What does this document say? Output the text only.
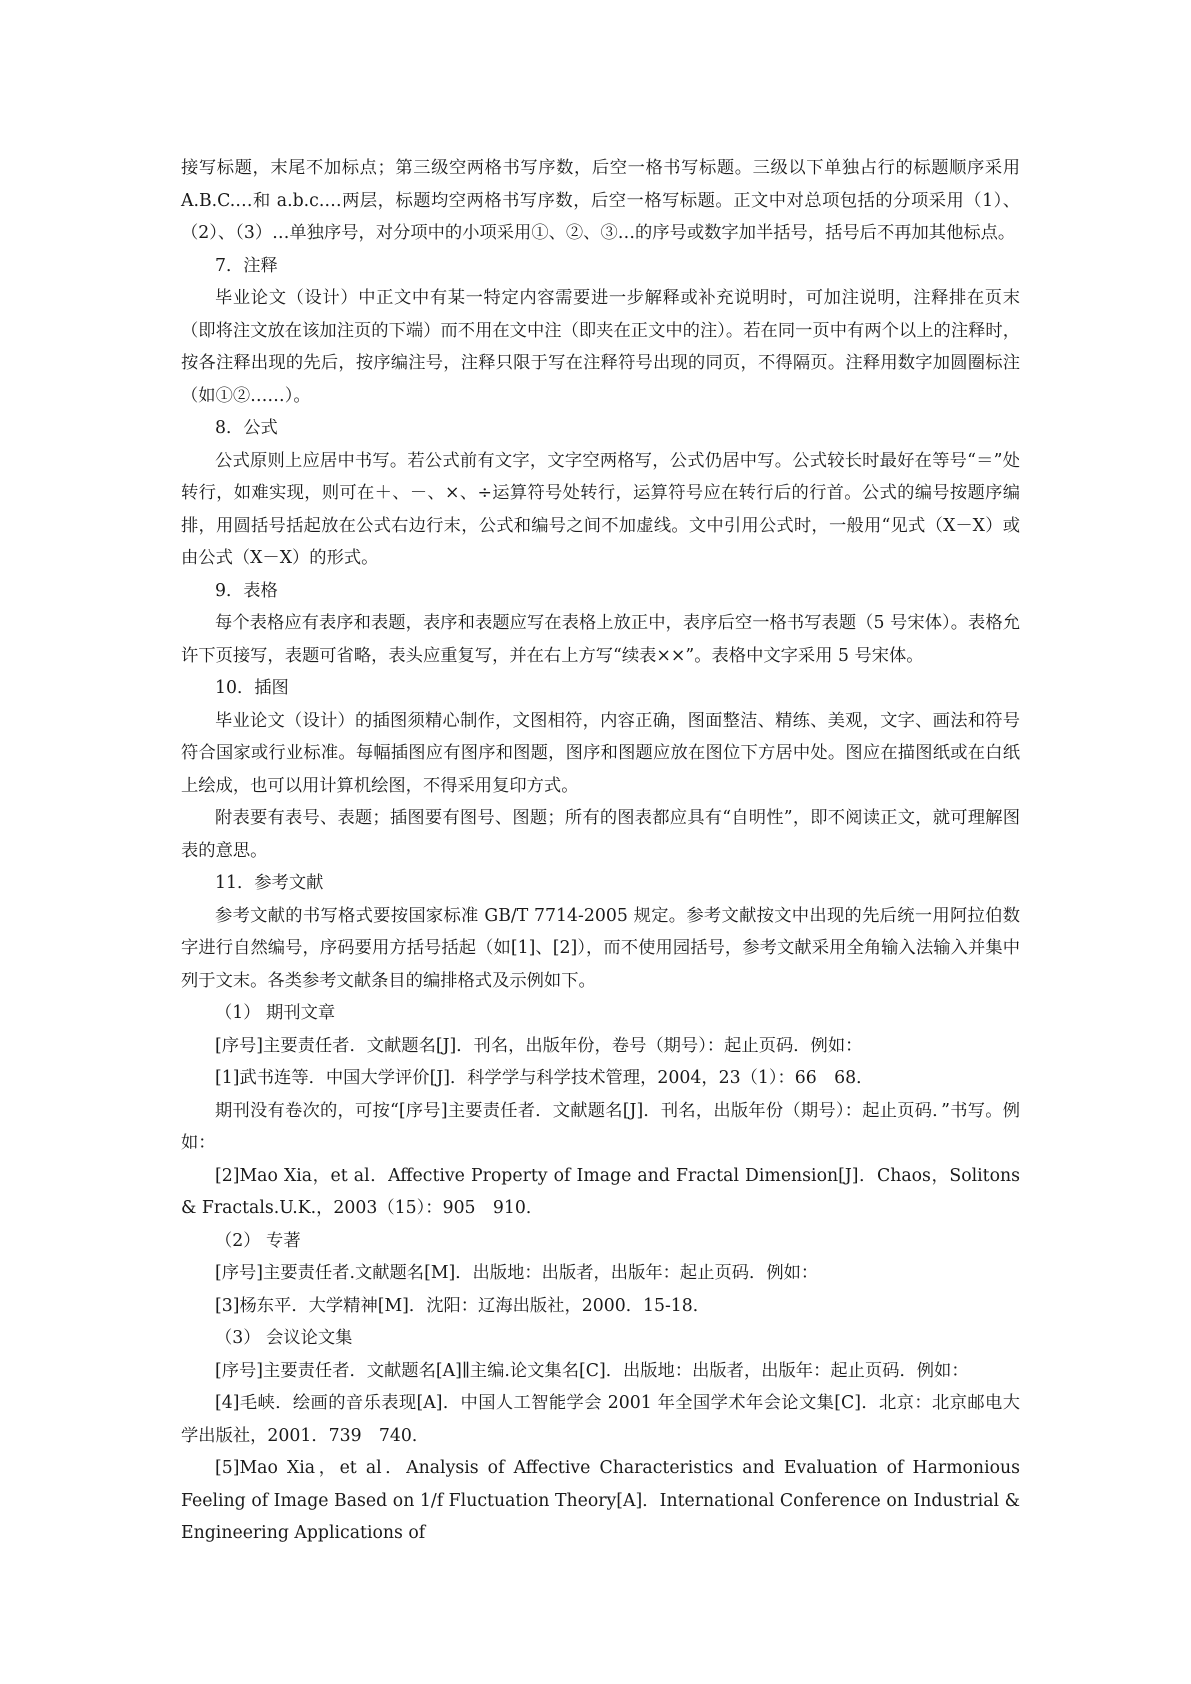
接写标题，末尾不加标点；第三级空两格书写序数，后空一格书写标题。三级以下单独占行的标题顺序采用 A.B.C.…和 a.b.c.…两层，标题均空两格书写序数，后空一格写标题。正文中对总项包括的分项采用（1）、（2）、（3）…单独序号，对分项中的小项采用①、②、③…的序号或数字加半括号，括号后不再加其他标点。

7．注释

毕业论文（设计）中正文中有某一特定内容需要进一步解释或补充说明时，可加注说明，注释排在页末（即将注文放在该加注页的下端）而不用在文中注（即夹在正文中的注）。若在同一页中有两个以上的注释时，按各注释出现的先后，按序编注号，注释只限于写在注释符号出现的同页，不得隔页。注释用数字加圆圈标注（如①②……）。

8．公式

公式原则上应居中书写。若公式前有文字，文字空两格写，公式仍居中写。公式较长时最好在等号“＝”处转行，如难实现，则可在＋、－、×、÷运算符号处转行，运算符号应在转行后的行首。公式的编号按题序编排，用圆括号括起放在公式右边行末，公式和编号之间不加虚线。文中引用公式时，一般用“见式（X－X）或由公式（X－X）的形式。

9．表格

每个表格应有表序和表题，表序和表题应写在表格上放正中，表序后空一格书写表题（5 号宋体）。表格允许下页接写，表题可省略，表头应重复写，并在右上方写“续表××”。表格中文字采用 5 号宋体。

10．插图

毕业论文（设计）的插图须精心制作，文图相符，内容正确，图面整洁、精练、美观，文字、画法和符号符合国家或行业标准。每幅插图应有图序和图题，图序和图题应放在图位下方居中处。图应在描图纸或在白纸上绘成，也可以用计算机绘图，不得采用复印方式。

附表要有表号、表题；插图要有图号、图题；所有的图表都应具有“自明性”，即不阅读正文，就可理解图表的意思。

11．参考文献

参考文献的书写格式要按国家标准 GB/T 7714-2005 规定。参考文献按文中出现的先后统一用阿拉伯数字进行自然编号，序码要用方括号括起（如[1]、[2]），而不使用园括号，参考文献采用全角输入法输入并集中列于文末。各类参考文献条目的编排格式及示例如下。

（1） 期刊文章

[序号]主要责任者．文献题名[J]．刊名，出版年份，卷号（期号）：起止页码．例如：

[1]武书连等．中国大学评价[J]．科学学与科学技术管理，2004，23（1）：66　68．

期刊没有卷次的，可按“[序号]主要责任者．文献题名[J]．刊名，出版年份（期号）：起止页码．”书写。例如：

[2]Mao Xia，et al．Affective Property of Image and Fractal Dimension[J]．Chaos，Solitons & Fractals.U.K.，2003（15）：905　910．

（2） 专著

[序号]主要责任者.文献题名[M]．出版地：出版者，出版年：起止页码．例如：

[3]杨东平．大学精神[M]．沈阳：辽海出版社，2000．15-18．

（3） 会议论文集

[序号]主要责任者．文献题名[A]∥主编.论文集名[C]．出版地：出版者，出版年：起止页码．例如：

[4]毛峡．绘画的音乐表现[A]．中国人工智能学会 2001 年全国学术年会论文集[C]．北京：北京邮电大学出版社，2001．739　740．

[5]Mao Xia，et al．Analysis of Affective Characteristics and Evaluation of Harmonious Feeling of Image Based on 1/f Fluctuation Theory[A]．International Conference on Industrial & Engineering Applications of
